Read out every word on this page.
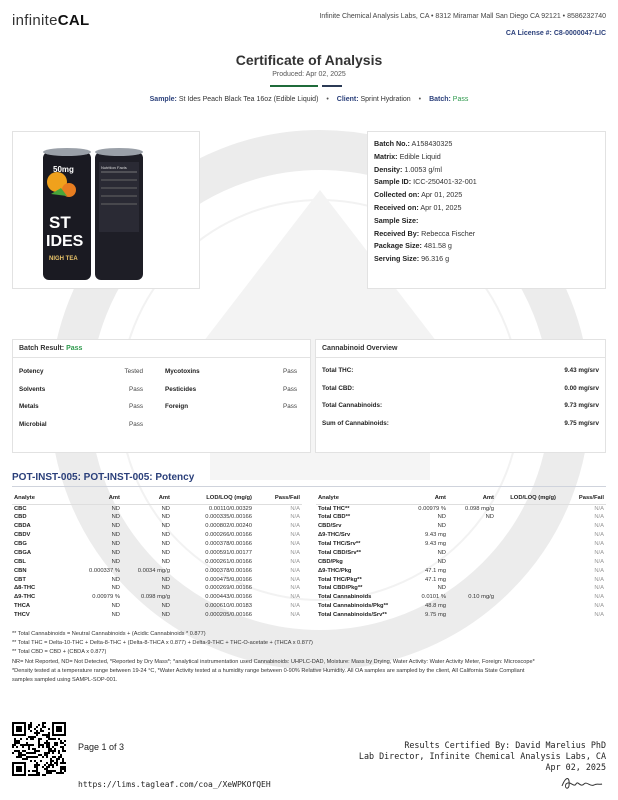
infiniteCAL	Infinite Chemical Analysis Labs, CA • 8312 Miramar Mall San Diego CA 92121 • 8586232740
CA License #: C8-0000047-LIC
Certificate of Analysis
Produced: Apr 02, 2025
Sample: St Ides Peach Black Tea 16oz (Edible Liquid) • Client: Sprint Hydration • Batch: Pass
50mg
ST
IDES
NIGH TEA
Nutrition Facts
Batch No.: A158430325
Matrix: Edible Liquid
Density: 1.0053 g/ml
Sample ID: ICC-250401-32-001
Collected on: Apr 01, 2025
Received on: Apr 01, 2025
Sample Size:
Received By: Rebecca Fischer
Package Size: 481.58 g
Serving Size: 96.316 g
Batch Result: Pass
Potency	Tested	Mycotoxins	Pass
Solvents	Pass	Pesticides	Pass
Metals	Pass	Foreign	Pass
Microbial	Pass
Cannabinoid Overview
Total THC:	9.43 mg/srv
Total CBD:	0.00 mg/srv
Total Cannabinoids:	9.73 mg/srv
Sum of Cannabinoids:	9.75 mg/srv
POT-INST-005: POT-INST-005: Potency
Analyte	Amt	Amt	LOD/LOQ (mg/g)	Pass/Fail
CBC	ND	ND	0.00110/0.00329	N/A
CBD	ND	ND	0.000335/0.00166	N/A
CBDA	ND	ND	0.000802/0.00240	N/A
CBDV	ND	ND	0.000266/0.00166	N/A
CBG	ND	ND	0.000378/0.00166	N/A
CBGA	ND	ND	0.000591/0.00177	N/A
CBL	ND	ND	0.000261/0.00166	N/A
CBN	0.000337 %	0.0034 mg/g	0.000378/0.00166	N/A
CBT	ND	ND	0.000475/0.00166	N/A
Δ8-THC	ND	ND	0.000269/0.00166	N/A
Δ9-THC	0.00979 %	0.098 mg/g	0.000443/0.00166	N/A
THCA	ND	ND	0.000610/0.00183	N/A
THCV	ND	ND	0.000205/0.00166	N/A
Analyte	Amt	Amt	LOD/LOQ (mg/g)	Pass/Fail
Total THC**	0.00979 %	0.098 mg/g		N/A
Total CBD**	ND	ND		N/A
CBD/Srv	ND			N/A
Δ9-THC/Srv	9.43 mg			N/A
Total THC/Srv**	9.43 mg			N/A
Total CBD/Srv**	ND			N/A
CBD/Pkg	ND			N/A
Δ9-THC/Pkg	47.1 mg			N/A
Total THC/Pkg**	47.1 mg			N/A
Total CBD/Pkg**	ND			N/A
Total Cannabinoids	0.0101 %	0.10 mg/g		N/A
Total Cannabinoids/Pkg**	48.8 mg			N/A
Total Cannabinoids/Srv**	9.75 mg			N/A
** Total Cannabinoids = Neutral Cannabinoids + (Acidic Cannabinoids * 0.877)
** Total THC = Delta-10-THC + Delta-8-THC + (Delta-8-THCA x 0.877) + Delta-9-THC + THC-O-acetate + (THCA x 0.877)
** Total CBD = CBD + (CBDA x 0.877)
NR= Not Reported, ND= Not Detected, *Reported by Dry Mass*; *analytical instrumentation used Cannabinoids: UHPLC-DAD, Moisture: Mass by Drying, Water Activity: Water Activity Meter, Foreign: Microscope*
*Density tested at a temperature range between 19-24 °C, *Water Activity tested at a humidity range between 0-90% Relative Humidity. All OA samples are sampled by the client, All California State Compliant
samples sampled using SAMPL-SOP-001.
Page 1 of 3
https://lims.tagleaf.com/coa_/XeWPKOfQEH
Results Certified By: David Marelius PhD
Lab Director, Infinite Chemical Analysis Labs, CA
Apr 02, 2025
